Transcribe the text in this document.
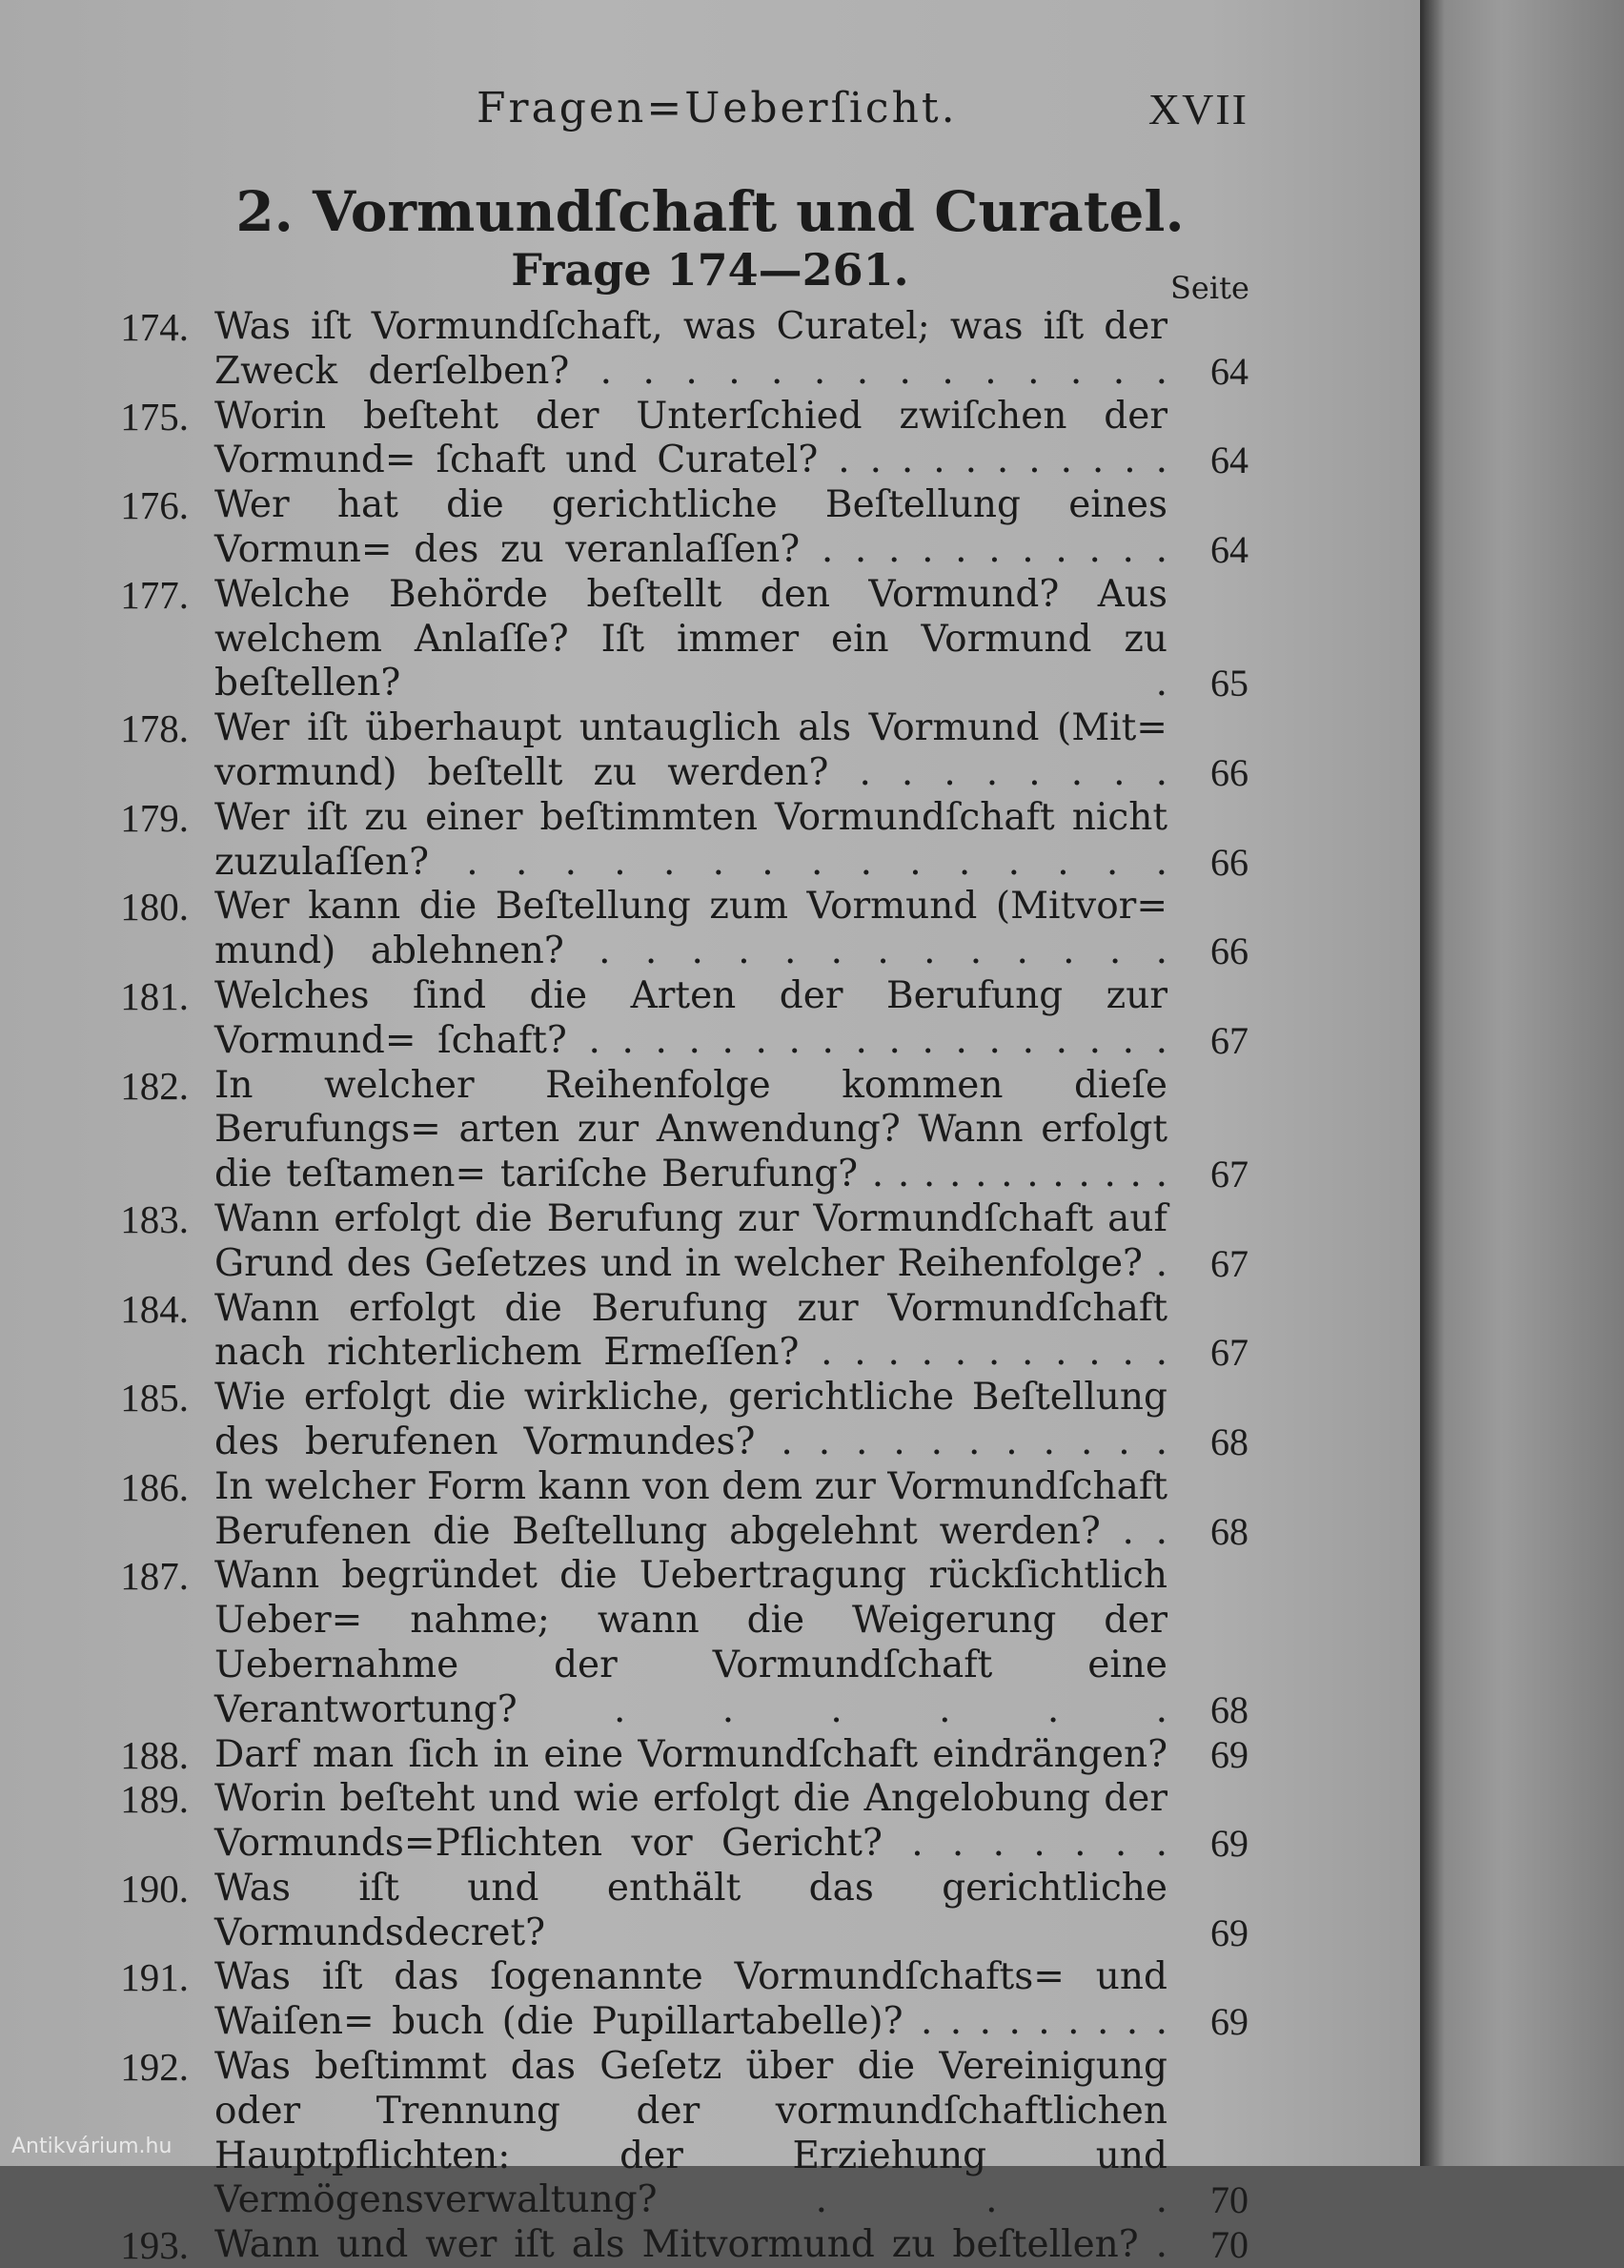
Fragen=Ueberſicht.	XVII
2. Vormundſchaft und Curatel.
Frage 174—261.	Seite
174. Was iſt Vormundſchaft, was Curatel; was iſt der Zweck derſelben? . . . . . . . . . . . . . .	64
175. Worin beſteht der Unterſchied zwiſchen der Vormund= ſchaft und Curatel? . . . . . . . . . . .	64
176. Wer hat die gerichtliche Beſtellung eines Vormun= des zu veranlaſſen? . . . . . . . . . . .	64
177. Welche Behörde beſtellt den Vormund? Aus welchem Anlaſſe? Iſt immer ein Vormund zu beſtellen? .	65
178. Wer iſt überhaupt untauglich als Vormund (Mit= vormund) beſtellt zu werden? . . . . . . . .	66
179. Wer iſt zu einer beſtimmten Vormundſchaft nicht zuzulaſſen? . . . . . . . . . . . . . . .	66
180. Wer kann die Beſtellung zum Vormund (Mitvor= mund) ablehnen? . . . . . . . . . . . . .	66
181. Welches ſind die Arten der Berufung zur Vormund= ſchaft? . . . . . . . . . . . . . . . . . .	67
182. In welcher Reihenfolge kommen dieſe Berufungs= arten zur Anwendung? Wann erfolgt die teſtamen= tariſche Berufung? . . . . . . . . . . . .	67
183. Wann erfolgt die Berufung zur Vormundſchaft auf Grund des Geſetzes und in welcher Reihenfolge? .	67
184. Wann erfolgt die Berufung zur Vormundſchaft nach richterlichem Ermeſſen? . . . . . . . . . . .	67
185. Wie erfolgt die wirkliche, gerichtliche Beſtellung des berufenen Vormundes? . . . . . . . . . . .	68
186. In welcher Form kann von dem zur Vormundſchaft Berufenen die Beſtellung abgelehnt werden? . .	68
187. Wann begründet die Uebertragung rückſichtlich Ueber= nahme; wann die Weigerung der Uebernahme der Vormundſchaft eine Verantwortung? . . . . . .	68
188. Darf man ſich in eine Vormundſchaft eindrängen?	69
189. Worin beſteht und wie erfolgt die Angelobung der Vormunds=Pflichten vor Gericht? . . . . . . .	69
190. Was iſt und enthält das gerichtliche Vormundsdecret?	69
191. Was iſt das ſogenannte Vormundſchafts= und Waiſen= buch (die Pupillartabelle)? . . . . . . . . .	69
192. Was beſtimmt das Geſetz über die Vereinigung oder Trennung der vormundſchaftlichen Hauptpflichten: der Erziehung und Vermögensverwaltung? . . .	70
193. Wann und wer iſt als Mitvormund zu beſtellen? .	70
Antikvárium.hu
